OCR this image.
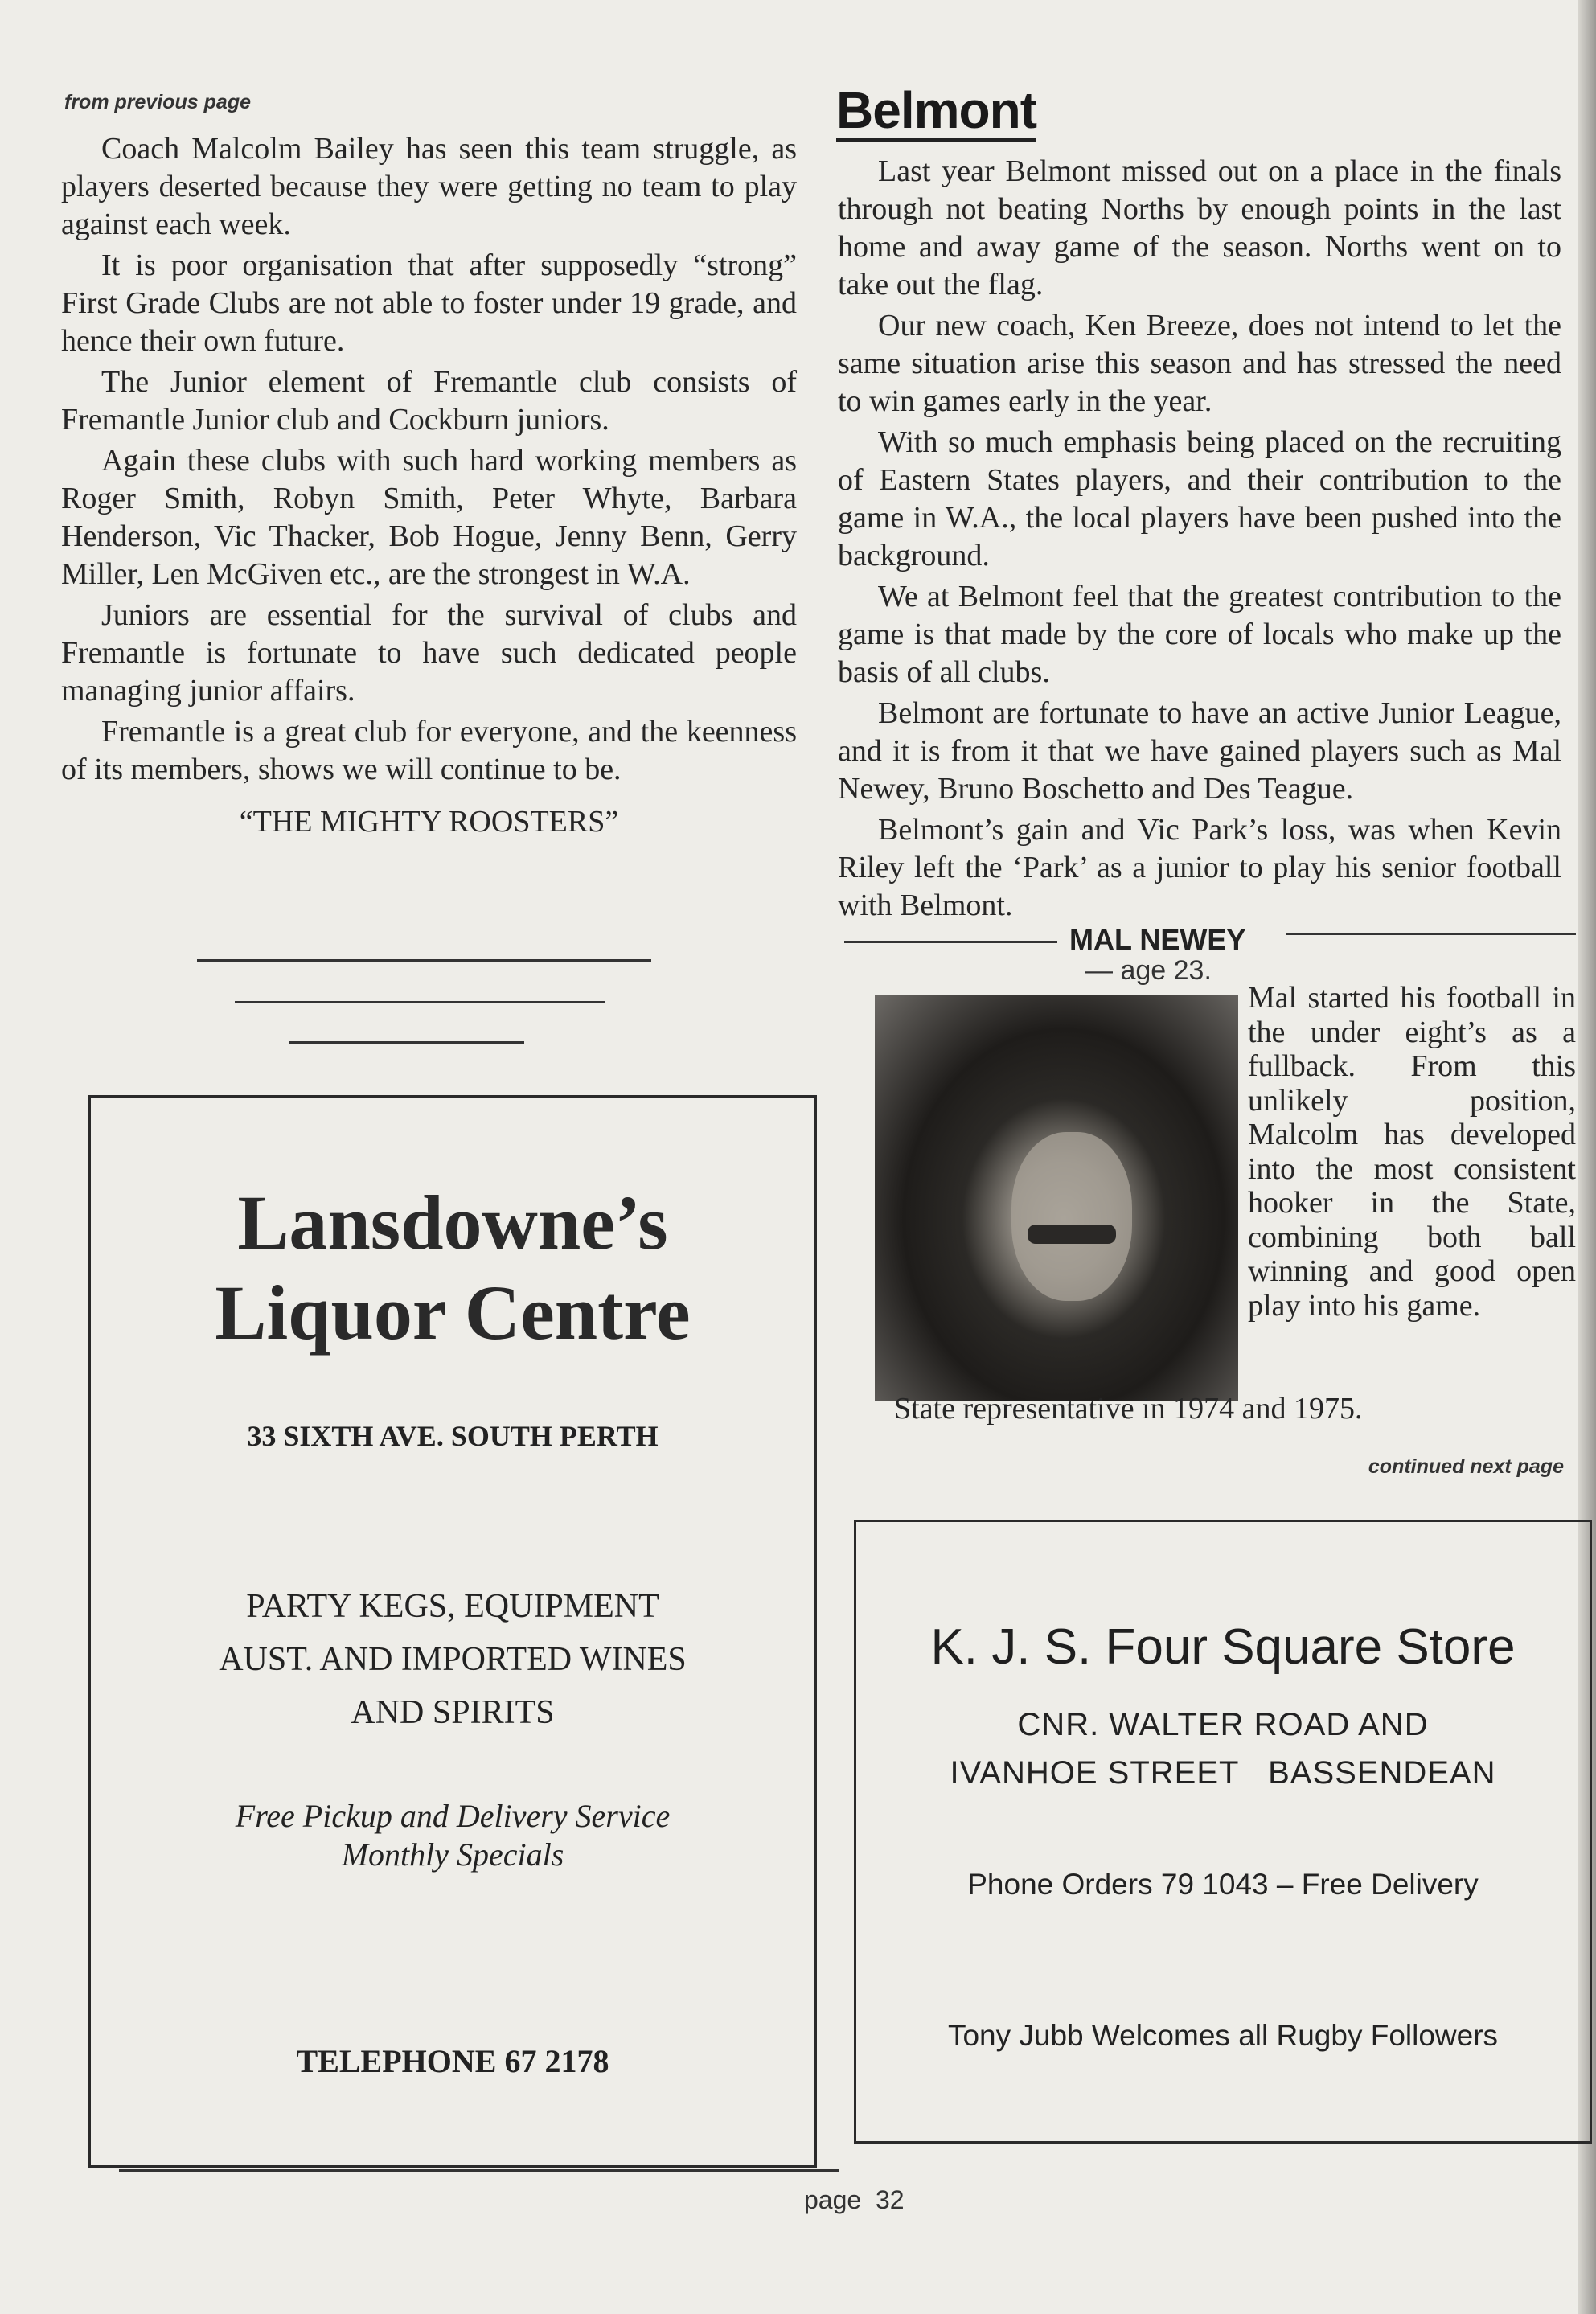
from previous page

Coach Malcolm Bailey has seen this team struggle, as players deserted because they were getting no team to play against each week.

It is poor organisation that after supposedly “strong” First Grade Clubs are not able to foster under 19 grade, and hence their own future.

The Junior element of Fremantle club consists of Fremantle Junior club and Cockburn juniors.

Again these clubs with such hard working members as Roger Smith, Robyn Smith, Peter Whyte, Barbara Henderson, Vic Thacker, Bob Hogue, Jenny Benn, Gerry Miller, Len McGiven etc., are the strongest in W.A.

Juniors are essential for the survival of clubs and Fremantle is fortunate to have such dedicated people managing junior affairs.

Fremantle is a great club for everyone, and the keenness of its members, shows we will continue to be.

“THE MIGHTY ROOSTERS”
Lansdowne’s
Liquor Centre
33 SIXTH AVE. SOUTH PERTH
PARTY KEGS, EQUIPMENT
AUST. AND IMPORTED WINES
AND SPIRITS
Free Pickup and Delivery Service
Monthly Specials
TELEPHONE 67 2178
Belmont

Last year Belmont missed out on a place in the finals through not beating Norths by enough points in the last home and away game of the season. Norths went on to take out the flag.

Our new coach, Ken Breeze, does not intend to let the same situation arise this season and has stressed the need to win games early in the year.

With so much emphasis being placed on the recruiting of Eastern States players, and their contribution to the game in W.A., the local players have been pushed into the background.

We at Belmont feel that the greatest contribution to the game is that made by the core of locals who make up the basis of all clubs.

Belmont are fortunate to have an active Junior League, and it is from it that we have gained players such as Mal Newey, Bruno Boschetto and Des Teague.

Belmont’s gain and Vic Park’s loss, was when Kevin Riley left the ‘Park’ as a junior to play his senior football with Belmont.

MAL NEWEY
— age 23.
Mal started his football in the under eight’s as a fullback. From this unlikely position, Malcolm has developed into the most consistent hooker in the State, combining both ball winning and good open play into his game.
State representative in 1974 and 1975.
continued next page
K. J. S. Four Square Store
CNR. WALTER ROAD AND
IVANHOE STREET   BASSENDEAN
Phone Orders 79 1043 – Free Delivery
Tony Jubb Welcomes all Rugby Followers
page  32
